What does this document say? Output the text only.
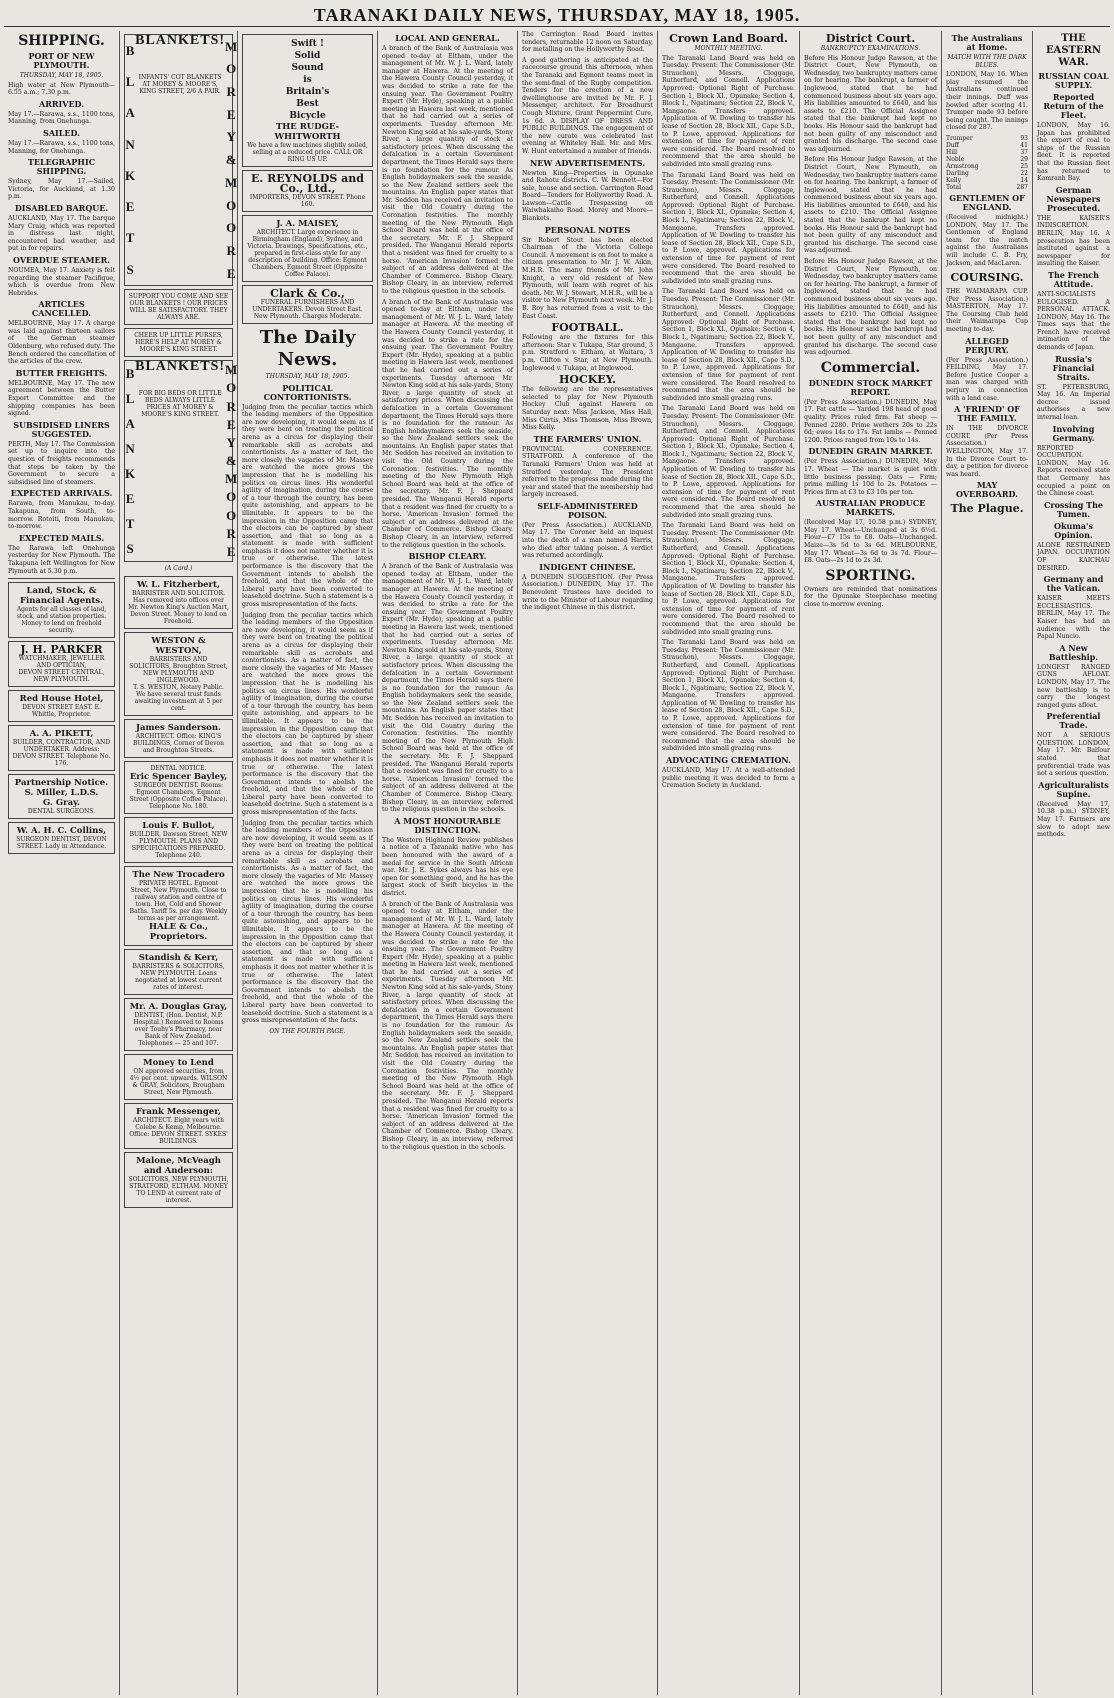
TARANAKI DAILY NEWS, THURSDAY, MAY 18, 1905.
SHIPPING.
PORT OF NEW PLYMOUTH.
THURSDAY, MAY 18, 1905.
High water at New Plymouth—6.55 a.m.; 7.30 p.m.
ARRIVED.
May 17.—Rarawa, s.s., 1100 tons, Manning, from Onehunga.
SAILED.
May 17.—Rarawa, s.s., 1100 tons, Manning, for Onehunga.
TELEGRAPHIC SHIPPING.
Sydney, May 17.—Sailed, Victoria, for Auckland, at 1.30 p.m.
DISABLED BARQUE.
AUCKLAND, May 17. The barque Mary Craig, which was reported in distress last night, encountered bad weather, and put in for repairs.
OVERDUE STEAMER.
NOUMEA, May 17. Anxiety is felt regarding the steamer Pacifique, which is overdue from New Hebrides.
ARTICLES CANCELLED.
MELBOURNE, May 17. A charge was laid against thirteen sailors of the German steamer Oldenburg, who refused duty. The Bench ordered the cancellation of the articles of the crew.
BUTTER FREIGHTS.
MELBOURNE, May 17. The new agreement between the Butter Export Committee and the shipping companies has been signed.
SUBSIDISED LINERS SUGGESTED.
PERTH, May 17. The Commission set up to inquire into the question of freights recommends that steps be taken by the Government to secure a subsidised line of steamers.
EXPECTED ARRIVALS.
Rarawa, from Manukau, to-day. Takapuna, from South, to-morrow. Rotoiti, from Manukau, to-morrow.
EXPECTED MAILS.
The Rarawa left Onehunga yesterday for New Plymouth. The Takapuna left Wellington for New Plymouth at 5.30 p.m.
Land, Stock, & Financial Agents.
Agents for all classes of land, stock, and station properties. Money to lend on freehold security.
J. H. PARKER
WATCHMAKER, JEWELLER AND OPTICIAN,
DEVON STREET CENTRAL, NEW PLYMOUTH.
Red House Hotel,
DEVON STREET EAST. E. Whittle, Proprietor.
A. A. PIKETT,
BUILDER, CONTRACTOR, AND UNDERTAKER. Address: DEVON STREET. Telephone No. 176.
Partnership Notice.
S. Miller, L.D.S.
G. Gray.
DENTAL SURGEONS.
W. A. H. C. Collins,
SURGEON DENTIST, DEVON STREET. Lady in Attendance.
B
L
A
N
K
E
T
S
BLANKETS!
INFANTS' COT BLANKETS AT MOREY & MOORE'S, KING STREET, 2/6 A PAIR.
M
O
R
E
Y
&
M
O
O
R
E
SUPPORT YOU COME AND SEE OUR BLANKETS ! OUR PRICES WILL BE SATISFACTORY. THEY ALWAYS ARE.
CHEER UP LITTLE PURSES, HERE'S HELP AT MOREY & MOORE'S KING STREET.
B
L
A
N
K
E
T
S
BLANKETS!
FOR BIG BEDS OR LITTLE BEDS ALWAYS LITTLE PRICES AT MOREY & MOORE'S KING STREET.
M
O
R
E
Y
&
M
O
O
R
E
(A Card.)
W. L. Fitzherbert,
BARRISTER AND SOLICITOR. Has removed into offices over Mr. Newton King's Auction Mart, Devon Street. Money to lend on Freehold.
WESTON & WESTON,
BARRISTERS AND SOLICITORS, Broughton Street, NEW PLYMOUTH AND INGLEWOOD.
T. S. WESTON, Notary Public.
We have several trust funds awaiting investment at 5 per cent.
James Sanderson.
ARCHITECT. Office: KING'S BUILDINGS, Corner of Devon and Broughton Streets.
DENTAL NOTICE.
Eric Spencer Bayley,
SURGEON DENTIST. Rooms: Egmont Chambers, Egmont Street (Opposite Coffee Palace). Telephone No. 180.
Louis F. Bullot,
BUILDER, Dawson Street, NEW PLYMOUTH. PLANS AND SPECIFICATIONS PREPARED. Telephone 240.
The New Trocadero
PRIVATE HOTEL. Egmont Street, New Plymouth. Close to railway station and centre of town. Hot, Cold and Shower Baths. Tariff 5s. per day. Weekly terms as per arrangement.
HALE & Co., Proprietors.
Standish & Kerr,
BARRISTERS & SOLICITORS, NEW PLYMOUTH. Loans negotiated at lowest current rates of interest.
Mr. A. Douglas Gray,
DENTIST, (Hon. Dentist, N.P. Hospital.) Removed to Rooms over Touhy's Pharmacy, near Bank of New Zealand. Telephones — 25 and 107.
Money to Lend
ON approved securities, from 4½ per cent. upwards. WILSON & GRAY, Solicitors, Brougham Street, New Plymouth.
Frank Messenger,
ARCHITECT. Eight years with Colebe & Kemp, Melbourne. Office: DEVON STREET. SYKES' BUILDINGS.
Malone, McVeagh and Anderson:
SOLICITORS, NEW PLYMOUTH, STRATFORD, ELTHAM. MONEY TO LEND at current rate of interest.
Swift !
Solid
Sound
is
Britain's
Best
Bicycle
THE RUDGE-WHITWORTH
We have a few machines slightly soiled, selling at a reduced price. CALL OR RING US UP.
E. REYNOLDS and Co., Ltd.,
IMPORTERS, DEVON STREET. Phone 160.
J. A. MAISEY,
ARCHITECT. Large experience in Birmingham (England), Sydney, and Victoria. Drawings, Specifications, etc., prepared in first-class style for any description of building. Office: Egmont Chambers, Egmont Street (Opposite Coffee Palace).
Clark & Co.,
FUNERAL FURNISHERS AND UNDERTAKERS. Devon Street East. New Plymouth. Charges Moderate.
The Daily News.
THURSDAY, MAY 18, 1905.
POLITICAL CONTORTIONISTS.
Judging from the peculiar tactics which the leading members of the Opposition are now developing, it would seem as if they were bent on treating the political arena as a circus for displaying their remarkable skill as acrobats and contortionists. As a matter of fact, the more closely the vagaries of Mr. Massey are watched the more grows the impression that he is modelling his politics on circus lines. His wonderful agility of imagination, during the course of a tour through the country, has been quite astonishing, and appears to be illimitable. It appears to be the impression in the Opposition camp that the electors can be captured by sheer assertion, and that so long as a statement is made with sufficient emphasis it does not matter whether it is true or otherwise. The latest performance is the discovery that the Government intends to abolish the freehold, and that the whole of the Liberal party have been converted to leasehold doctrine. Such a statement is a gross misrepresentation of the facts.
Judging from the peculiar tactics which the leading members of the Opposition are now developing, it would seem as if they were bent on treating the political arena as a circus for displaying their remarkable skill as acrobats and contortionists. As a matter of fact, the more closely the vagaries of Mr. Massey are watched the more grows the impression that he is modelling his politics on circus lines. His wonderful agility of imagination, during the course of a tour through the country, has been quite astonishing, and appears to be illimitable. It appears to be the impression in the Opposition camp that the electors can be captured by sheer assertion, and that so long as a statement is made with sufficient emphasis it does not matter whether it is true or otherwise. The latest performance is the discovery that the Government intends to abolish the freehold, and that the whole of the Liberal party have been converted to leasehold doctrine. Such a statement is a gross misrepresentation of the facts.
Judging from the peculiar tactics which the leading members of the Opposition are now developing, it would seem as if they were bent on treating the political arena as a circus for displaying their remarkable skill as acrobats and contortionists. As a matter of fact, the more closely the vagaries of Mr. Massey are watched the more grows the impression that he is modelling his politics on circus lines. His wonderful agility of imagination, during the course of a tour through the country, has been quite astonishing, and appears to be illimitable. It appears to be the impression in the Opposition camp that the electors can be captured by sheer assertion, and that so long as a statement is made with sufficient emphasis it does not matter whether it is true or otherwise. The latest performance is the discovery that the Government intends to abolish the freehold, and that the whole of the Liberal party have been converted to leasehold doctrine. Such a statement is a gross misrepresentation of the facts.
ON THE FOURTH PAGE.
LOCAL AND GENERAL.
A branch of the Bank of Australasia was opened to-day at Eltham, under the management of Mr. W. J. L. Ward, lately manager at Hawera. At the meeting of the Hawera County Council yesterday, it was decided to strike a rate for the ensuing year. The Government Poultry Expert (Mr. Hyde), speaking at a public meeting in Hawera last week, mentioned that he had carried out a series of experiments. Tuesday afternoon Mr. Newton King sold at his sale-yards, Stony River, a large quantity of stock at satisfactory prices. When discussing the defalcation in a certain Government department, the Times Herald says there is no foundation for the rumour. As English holidaymakers seek the seaside, so the New Zealand settlers seek the mountains. An English paper states that Mr. Seddon has received an invitation to visit the Old Country during the Coronation festivities. The monthly meeting of the New Plymouth High School Board was held at the office of the secretary. Mr. F. J. Sheppard presided. The Wanganui Herald reports that a resident was fined for cruelty to a horse. 'American Invasion' formed the subject of an address delivered at the Chamber of Commerce. Bishop Cleary. Bishop Cleary, in an interview, referred to the religious question in the schools.
A branch of the Bank of Australasia was opened to-day at Eltham, under the management of Mr. W. J. L. Ward, lately manager at Hawera. At the meeting of the Hawera County Council yesterday, it was decided to strike a rate for the ensuing year. The Government Poultry Expert (Mr. Hyde), speaking at a public meeting in Hawera last week, mentioned that he had carried out a series of experiments. Tuesday afternoon Mr. Newton King sold at his sale-yards, Stony River, a large quantity of stock at satisfactory prices. When discussing the defalcation in a certain Government department, the Times Herald says there is no foundation for the rumour. As English holidaymakers seek the seaside, so the New Zealand settlers seek the mountains. An English paper states that Mr. Seddon has received an invitation to visit the Old Country during the Coronation festivities. The monthly meeting of the New Plymouth High School Board was held at the office of the secretary. Mr. F. J. Sheppard presided. The Wanganui Herald reports that a resident was fined for cruelty to a horse. 'American Invasion' formed the subject of an address delivered at the Chamber of Commerce. Bishop Cleary. Bishop Cleary, in an interview, referred to the religious question in the schools.
BISHOP CLEARY.
A branch of the Bank of Australasia was opened to-day at Eltham, under the management of Mr. W. J. L. Ward, lately manager at Hawera. At the meeting of the Hawera County Council yesterday, it was decided to strike a rate for the ensuing year. The Government Poultry Expert (Mr. Hyde), speaking at a public meeting in Hawera last week, mentioned that he had carried out a series of experiments. Tuesday afternoon Mr. Newton King sold at his sale-yards, Stony River, a large quantity of stock at satisfactory prices. When discussing the defalcation in a certain Government department, the Times Herald says there is no foundation for the rumour. As English holidaymakers seek the seaside, so the New Zealand settlers seek the mountains. An English paper states that Mr. Seddon has received an invitation to visit the Old Country during the Coronation festivities. The monthly meeting of the New Plymouth High School Board was held at the office of the secretary. Mr. F. J. Sheppard presided. The Wanganui Herald reports that a resident was fined for cruelty to a horse. 'American Invasion' formed the subject of an address delivered at the Chamber of Commerce. Bishop Cleary. Bishop Cleary, in an interview, referred to the religious question in the schools.
A MOST HONOURABLE DISTINCTION.
The Western Highland Review publishes a notice of a Taranaki native who has been honoured with the award of a medal for service in the South African war. Mr. J. E. Sykes always has his eye open for something good, and he has the largest stock of Swift bicycles in the district.
A branch of the Bank of Australasia was opened to-day at Eltham, under the management of Mr. W. J. L. Ward, lately manager at Hawera. At the meeting of the Hawera County Council yesterday, it was decided to strike a rate for the ensuing year. The Government Poultry Expert (Mr. Hyde), speaking at a public meeting in Hawera last week, mentioned that he had carried out a series of experiments. Tuesday afternoon Mr. Newton King sold at his sale-yards, Stony River, a large quantity of stock at satisfactory prices. When discussing the defalcation in a certain Government department, the Times Herald says there is no foundation for the rumour. As English holidaymakers seek the seaside, so the New Zealand settlers seek the mountains. An English paper states that Mr. Seddon has received an invitation to visit the Old Country during the Coronation festivities. The monthly meeting of the New Plymouth High School Board was held at the office of the secretary. Mr. F. J. Sheppard presided. The Wanganui Herald reports that a resident was fined for cruelty to a horse. 'American Invasion' formed the subject of an address delivered at the Chamber of Commerce. Bishop Cleary. Bishop Cleary, in an interview, referred to the religious question in the schools.
The Carrington Road Board invites tenders, returnable 12 noon on Saturday, for metalling on the Hollyworthy Road.
A good gathering is anticipated at the racecourse ground this afternoon, when the Taranaki and Egmont teams meet in the semi-final of the Rugby competition. Tenders for the erection of a new dwellinghouse are invited by Mr. F. J. Messenger, architect. For Broadhurst Cough Mixture, Grant Peppermint Cure, 1s 6d. A DISPLAY OF DRESS AND PUBLIC BUILDINGS. The engagement of the new curate was celebrated last evening at Whiteley Hall. Mr. and Mrs. W. Hunt entertained a number of friends.
NEW ADVERTISEMENTS.
Newton King—Properties in Opunake and Rahotu districts. C. W. Bennett—For sale, house and section. Carrington Road Board—Tenders for Hollyworthy Road. A. Lawson—Cattle Trespassing on Waiwhakaiho Road. Morey and Moore—Blankets.
PERSONAL NOTES
Sir Robert Stout has been elected Chairman of the Victoria College Council. A movement is on foot to make a citizen presentation to Mr. J. W. Aikin, M.H.R. The many friends of Mr. John Knight, a very old resident of New Plymouth, will learn with regret of his death. Mr. W. J. Stewart, M.H.R., will be a visitor to New Plymouth next week. Mr. J. B. Roy has returned from a visit to the East Coast.
FOOTBALL.
Following are the fixtures for this afternoon: Star v. Tukapa, Star ground, 3 p.m. Stratford v. Eltham, at Waitara, 3 p.m. Clifton v. Star, at New Plymouth. Inglewood v. Tukapa, at Inglewood.
HOCKEY.
The following are the representatives selected to play for New Plymouth Hockey Club against Hawera on Saturday next: Miss Jackson, Miss Hall, Miss Curtis, Miss Thomson, Miss Brown, Miss Kelly.
THE FARMERS' UNION.
PROVINCIAL CONFERENCE. STRATFORD. A conference of the Taranaki Farmers' Union was held at Stratford yesterday. The President referred to the progress made during the year and stated that the membership had largely increased.
SELF-ADMINISTERED POISON.
(Per Press Association.) AUCKLAND, May 17. The Coroner held an inquest into the death of a man named Harris, who died after taking poison. A verdict was returned accordingly.
INDIGENT CHINESE.
A DUNEDIN SUGGESTION. (Per Press Association.) DUNEDIN, May 17. The Benevolent Trustees have decided to write to the Minister of Labour regarding the indigent Chinese in this district.
Crown Land Board.
MONTHLY MEETING.
The Taranaki Land Board was held on Tuesday. Present: The Commissioner (Mr. Strauchon), Messrs. Cloggage, Rutherfurd, and Connell. Applications Approved: Optional Right of Purchase. Section 1, Block XI., Opunake; Section 4, Block I., Ngatimaru; Section 22, Block V., Mangaone. Transfers approved. Application of W. Dowling to transfer his lease of Section 28, Block XII., Cape S.D., to P. Lowe, approved. Applications for extension of time for payment of rent were considered. The Board resolved to recommend that the area should be subdivided into small grazing runs.
The Taranaki Land Board was held on Tuesday. Present: The Commissioner (Mr. Strauchon), Messrs. Cloggage, Rutherfurd, and Connell. Applications Approved: Optional Right of Purchase. Section 1, Block XI., Opunake; Section 4, Block I., Ngatimaru; Section 22, Block V., Mangaone. Transfers approved. Application of W. Dowling to transfer his lease of Section 28, Block XII., Cape S.D., to P. Lowe, approved. Applications for extension of time for payment of rent were considered. The Board resolved to recommend that the area should be subdivided into small grazing runs.
The Taranaki Land Board was held on Tuesday. Present: The Commissioner (Mr. Strauchon), Messrs. Cloggage, Rutherfurd, and Connell. Applications Approved: Optional Right of Purchase. Section 1, Block XI., Opunake; Section 4, Block I., Ngatimaru; Section 22, Block V., Mangaone. Transfers approved. Application of W. Dowling to transfer his lease of Section 28, Block XII., Cape S.D., to P. Lowe, approved. Applications for extension of time for payment of rent were considered. The Board resolved to recommend that the area should be subdivided into small grazing runs.
The Taranaki Land Board was held on Tuesday. Present: The Commissioner (Mr. Strauchon), Messrs. Cloggage, Rutherfurd, and Connell. Applications Approved: Optional Right of Purchase. Section 1, Block XI., Opunake; Section 4, Block I., Ngatimaru; Section 22, Block V., Mangaone. Transfers approved. Application of W. Dowling to transfer his lease of Section 28, Block XII., Cape S.D., to P. Lowe, approved. Applications for extension of time for payment of rent were considered. The Board resolved to recommend that the area should be subdivided into small grazing runs.
The Taranaki Land Board was held on Tuesday. Present: The Commissioner (Mr. Strauchon), Messrs. Cloggage, Rutherfurd, and Connell. Applications Approved: Optional Right of Purchase. Section 1, Block XI., Opunake; Section 4, Block I., Ngatimaru; Section 22, Block V., Mangaone. Transfers approved. Application of W. Dowling to transfer his lease of Section 28, Block XII., Cape S.D., to P. Lowe, approved. Applications for extension of time for payment of rent were considered. The Board resolved to recommend that the area should be subdivided into small grazing runs.
The Taranaki Land Board was held on Tuesday. Present: The Commissioner (Mr. Strauchon), Messrs. Cloggage, Rutherfurd, and Connell. Applications Approved: Optional Right of Purchase. Section 1, Block XI., Opunake; Section 4, Block I., Ngatimaru; Section 22, Block V., Mangaone. Transfers approved. Application of W. Dowling to transfer his lease of Section 28, Block XII., Cape S.D., to P. Lowe, approved. Applications for extension of time for payment of rent were considered. The Board resolved to recommend that the area should be subdivided into small grazing runs.
ADVOCATING CREMATION.
AUCKLAND, May 17. At a well-attended public meeting it was decided to form a Cremation Society in Auckland.
District Court.
BANKRUPTCY EXAMINATIONS.
Before His Honour Judge Rawson, at the District Court, New Plymouth, on Wednesday, two bankruptcy matters came on for hearing. The bankrupt, a farmer of Inglewood, stated that he had commenced business about six years ago. His liabilities amounted to £640, and his assets to £210. The Official Assignee stated that the bankrupt had kept no books. His Honour said the bankrupt had not been guilty of any misconduct and granted his discharge. The second case was adjourned.
Before His Honour Judge Rawson, at the District Court, New Plymouth, on Wednesday, two bankruptcy matters came on for hearing. The bankrupt, a farmer of Inglewood, stated that he had commenced business about six years ago. His liabilities amounted to £640, and his assets to £210. The Official Assignee stated that the bankrupt had kept no books. His Honour said the bankrupt had not been guilty of any misconduct and granted his discharge. The second case was adjourned.
Before His Honour Judge Rawson, at the District Court, New Plymouth, on Wednesday, two bankruptcy matters came on for hearing. The bankrupt, a farmer of Inglewood, stated that he had commenced business about six years ago. His liabilities amounted to £640, and his assets to £210. The Official Assignee stated that the bankrupt had kept no books. His Honour said the bankrupt had not been guilty of any misconduct and granted his discharge. The second case was adjourned.
Commercial.
DUNEDIN STOCK MARKET REPORT.
(Per Press Association.) DUNEDIN, May 17. Fat cattle — Yarded 198 head of good quality. Prices ruled firm. Fat sheep — Penned 2280. Prime wethers 20s to 22s 6d; ewes 14s to 17s. Fat lambs — Penned 1200. Prices ranged from 10s to 14s.
DUNEDIN GRAIN MARKET.
(Per Press Association.) DUNEDIN, May 17. Wheat — The market is quiet with little business passing. Oats — Firm; prime milling 1s 10d to 2s. Potatoes — Prices firm at £3 to £3 10s per ton.
AUSTRALIAN PRODUCE MARKETS.
(Received May 17, 10.58 p.m.) SYDNEY, May 17. Wheat—Unchanged at 3s 6½d. Flour—£7 15s to £8. Oats—Unchanged. Maize—3s 5d to 3s 6d. MELBOURNE, May 17. Wheat—3s 6d to 3s 7d. Flour—£8. Oats—2s 1d to 2s 3d.
SPORTING.
Owners are reminded that nominations for the Opunake Steeplechase meeting close to-morrow evening.
The Australians at Home.
MATCH WITH THE DARK BLUES.
LONDON, May 16. When play resumed the Australians continued their innings. Duff was bowled after scoring 41. Trumper made 93 before being caught. The innings closed for 287.
Trumper	93
Duff	41
Hill	37
Noble	29
Armstrong	25
Darling	22
Kelly	14
Total	287
GENTLEMEN OF ENGLAND.
(Received midnight.) LONDON, May 17. The Gentlemen of England team for the match against the Australians will include C. B. Fry, Jackson, and MacLaren.
COURSING.
THE WAIMARAPA CUP. (Per Press Association.) MASTERTON, May 17. The Coursing Club held their Waimarapa Cup meeting to-day.
ALLEGED PERJURY.
(Per Press Association.) FEILDING, May 17. Before Justice Cooper a man was charged with perjury in connection with a land case.
A 'FRIEND' OF THE FAMILY.
IN THE DIVORCE COURT. (Per Press Association.) WELLINGTON, May 17. In the Divorce Court to-day, a petition for divorce was heard.
MAY OVERBOARD.
The Plague.
THE EASTERN WAR.
RUSSIAN COAL SUPPLY.
Reported Return of the Fleet.
LONDON, May 16. Japan has prohibited the export of coal to ships of the Russian fleet. It is reported that the Russian fleet has returned to Kamranh Bay.
German Newspapers Prosecuted.
THE KAISER'S INDISCRETION. BERLIN, May 16. A prosecution has been instituted against a newspaper for insulting the Kaiser.
The French Attitude.
ANTI-SOCIALISTS EULOGISED. A PERSONAL ATTACK. LONDON, May 16. The Times says that the French have received intimation of the demands of Japan.
Russia's Financial Straits.
ST. PETERSBURG, May 16. An Imperial decree issued authorises a new internal loan.
Involving Germany.
REPORTED OCCUPATION. LONDON, May 16. Reports received state that Germany has occupied a point on the Chinese coast.
Crossing The Tumen.
Okuma's Opinion.
ALONE RESTRAINED JAPAN. OCCUPATION OF KAICHAU DESIRED.
Germany and the Vatican.
KAISER MEETS ECCLESIASTICS. BERLIN, May 17. The Kaiser has had an audience with the Papal Nuncio.
A New Battleship.
LONGEST RANGED GUNS AFLOAT. LONDON, May 17. The new battleship is to carry the longest ranged guns afloat.
Preferential Trade.
NOT A SERIOUS QUESTION. LONDON, May 17. Mr. Balfour stated that preferential trade was not a serious question.
Agriculturalists Supine.
(Received May 17, 10.38 p.m.) SYDNEY, May 17. Farmers are slow to adopt new methods.
